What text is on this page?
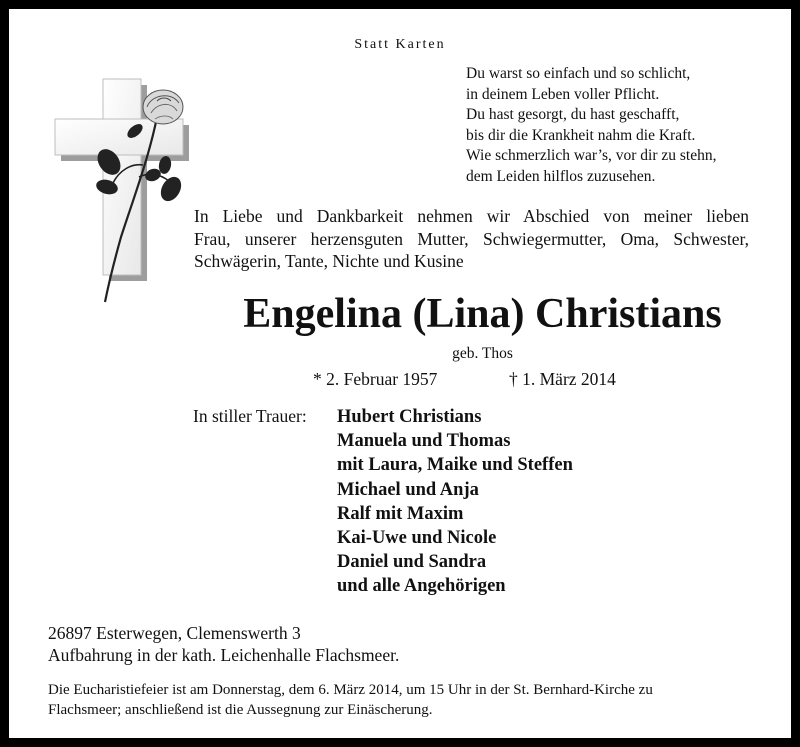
Statt Karten
Du warst so einfach und so schlicht,
in deinem Leben voller Pflicht.
Du hast gesorgt, du hast geschafft,
bis dir die Krankheit nahm die Kraft.
Wie schmerzlich war’s, vor dir zu stehn,
dem Leiden hilflos zuzusehen.
In Liebe und Dankbarkeit nehmen wir Abschied von meiner lieben
Frau, unserer herzensguten Mutter, Schwiegermutter, Oma, Schwester,
Schwägerin, Tante, Nichte und Kusine
Engelina (Lina) Christians
geb. Thos
* 2. Februar 1957	† 1. März 2014
In stiller Trauer: Hubert Christians
Manuela und Thomas
mit Laura, Maike und Steffen
Michael und Anja
Ralf mit Maxim
Kai-Uwe und Nicole
Daniel und Sandra
und alle Angehörigen
26897 Esterwegen, Clemenswerth 3
Aufbahrung in der kath. Leichenhalle Flachsmeer.
Die Eucharistiefeier ist am Donnerstag, dem 6. März 2014, um 15 Uhr in der St. Bernhard-Kirche zu
Flachsmeer; anschließend ist die Aussegnung zur Einäscherung.
